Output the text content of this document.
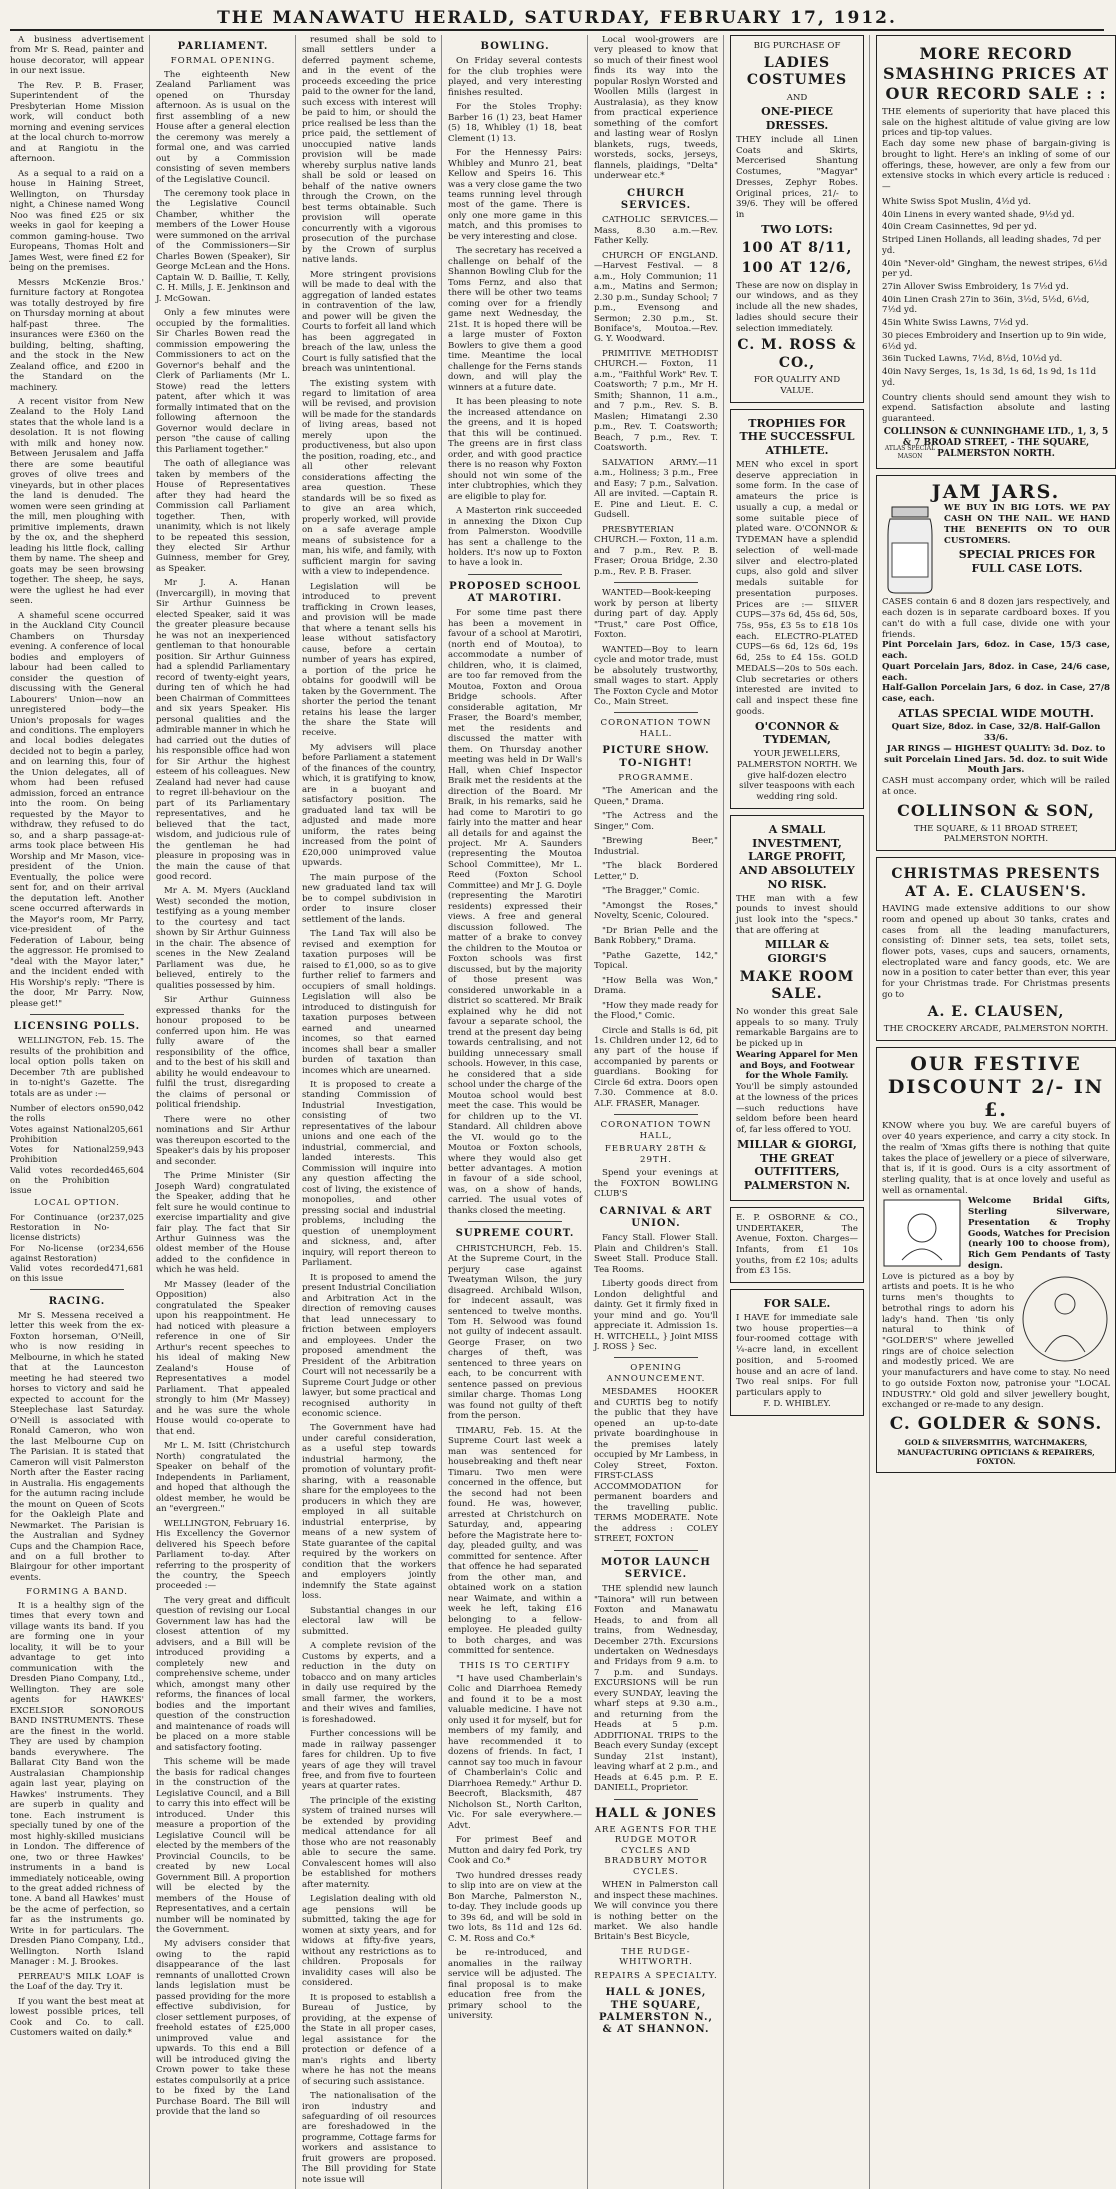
THE MANAWATU HERALD, SATURDAY, FEBRUARY 17, 1912.

A business advertisement from Mr S. Read, painter and house decorator, will appear in our next issue.

The Rev. P. B. Fraser, Superintendent of the Presbyterian Home Mission work, will conduct both morning and evening services at the local church to-morrow and at Rangiotu in the afternoon.

As a sequal to a raid on a house in Haining Street, Wellington, on Thursday night, a Chinese named Wong Noo was fined £25 or six weeks in gaol for keeping a common gaming-house. Two Europeans, Thomas Holt and James West, were fined £2 for being on the premises.

Messrs McKenzie Bros.' furniture factory at Rongotea was totally destroyed by fire on Thursday morning at about half-past three. The insurances were £360 on the building, belting, shafting, and the stock in the New Zealand office, and £200 in the Standard on the machinery.

A recent visitor from New Zealand to the Holy Land states that the whole land is a desolation. It is not flowing with milk and honey now. Between Jerusalem and Jaffa there are some beautiful groves of olive trees and vineyards, but in other places the land is denuded. The women were seen grinding at the mill, men ploughing with primitive implements, drawn by the ox, and the shepherd leading his little flock, calling them by name. The sheep and goats may be seen browsing together. The sheep, he says, were the ugliest he had ever seen.

A shameful scene occurred in the Auckland City Council Chambers on Thursday evening. A conference of local bodies and employers of labour had been called to consider the question of discussing with the General Labourers' Union—now an unregistered body—the Union's proposals for wages and conditions. The employers and local bodies delegates decided not to begin a parley, and on learning this, four of the Union delegates, all of whom had been refused admission, forced an entrance into the room. On being requested by the Mayor to withdraw, they refused to do so, and a sharp passage-at-arms took place between His Worship and Mr Mason, vice-president of the Union. Eventually, the police were sent for, and on their arrival the deputation left. Another scene occurred afterwards in the Mayor's room, Mr Parry, vice-president of the Federation of Labour, being the aggressor. He promised to "deal with the Mayor later," and the incident ended with His Worship's reply: "There is the door, Mr Parry. Now, please get!"

LICENSING POLLS.

WELLINGTON, Feb. 15. The results of the prohibition and local option polls taken on December 7th are published in to-night's Gazette. The totals are as under :—

Number of electors on the rolls	590,042
Votes against National Prohibition	205,661
Votes for National Prohibition	259,943
Valid votes recorded on the Prohibition issue	465,604
LOCAL OPTION.
For Continuance (or Restoration in No-license districts)	237,025
For No-license (or against Restoration)	234,656
Valid votes recorded on this issue	471,681
RACING.

Mr S. Messena received a letter this week from the ex-Foxton horseman, O'Neill, who is now residing in Melbourne, in which he stated that at the Launceston meeting he had steered two horses to victory and said he expected to account for the Steeplechase last Saturday. O'Neill is associated with Ronald Cameron, who won the last Melbourne Cup on The Parisian. It is stated that Cameron will visit Palmerston North after the Easter racing in Australia. His engagements for the autumn racing include the mount on Queen of Scots for the Oakleigh Plate and Newmarket. The Parisian is the Australian and Sydney Cups and the Champion Race, and on a full brother to Blairgour for other important events.

FORMING A BAND.

It is a healthy sign of the times that every town and village wants its band. If you are forming one in your locality, it will be to your advantage to get into communication with the Dresden Piano Company, Ltd., Wellington. They are sole agents for HAWKES' EXCELSIOR SONOROUS BAND INSTRUMENTS. These are the finest in the world. They are used by champion bands everywhere. The Ballarat City Band won the Australasian Championship again last year, playing on Hawkes' instruments. They are superb in quality and tone. Each instrument is specially tuned by one of the most highly-skilled musicians in London. The difference of one, two or three Hawkes' instruments in a band is immediately noticeable, owing to the great added richness of tone. A band all Hawkes' must be the acme of perfection, so far as the instruments go. Write in for particulars. The Dresden Piano Company, Ltd., Wellington. North Island Manager : M. J. Brookes.

PERREAU'S MILK LOAF is the Loaf of the day. Try it.

If you want the best meat at lowest possible prices, tell Cook and Co. to call. Customers waited on daily.*

PARLIAMENT.
FORMAL OPENING.

The eighteenth New Zealand Parliament was opened on Thursday afternoon. As is usual on the first assembling of a new House after a general election the ceremony was merely a formal one, and was carried out by a Commission consisting of seven members of the Legislative Council.

The ceremony took place in the Legislative Council Chamber, whither the members of the Lower House were summoned on the arrival of the Commissioners—Sir Charles Bowen (Speaker), Sir George McLean and the Hons. Captain W. D. Baillie, T. Kelly, C. H. Mills, J. E. Jenkinson and J. McGowan.

Only a few minutes were occupied by the formalities. Sir Charles Bowen read the commission empowering the Commissioners to act on the Governor's behalf and the Clerk of Parliaments (Mr L. Stowe) read the letters patent, after which it was formally intimated that on the following afternoon the Governor would declare in person "the cause of calling this Parliament together."

The oath of allegiance was taken by members of the House of Representatives after they had heard the Commission call Parliament together. Then, with unanimity, which is not likely to be repeated this session, they elected Sir Arthur Guinness, member for Grey, as Speaker.

Mr J. A. Hanan (Invercargill), in moving that Sir Arthur Guinness be elected Speaker, said it was the greater pleasure because he was not an inexperienced gentleman to that honourable position. Sir Arthur Guinness had a splendid Parliamentary record of twenty-eight years, during ten of which he had been Chairman of Committees and six years Speaker. His personal qualities and the admirable manner in which he had carried out the duties of his responsible office had won for Sir Arthur the highest esteem of his colleagues. New Zealand had never had cause to regret ill-behaviour on the part of its Parliamentary representatives, and he believed that the tact, wisdom, and judicious rule of the gentleman he had pleasure in proposing was in the main the cause of that good record.

Mr A. M. Myers (Auckland West) seconded the motion, testifying as a young member to the courtesy and tact shown by Sir Arthur Guinness in the chair. The absence of scenes in the New Zealand Parliament was due, he believed, entirely to the qualities possessed by him.

Sir Arthur Guinness expressed thanks for the honour proposed to be conferred upon him. He was fully aware of the responsibility of the office, and to the best of his skill and ability he would endeavour to fulfil the trust, disregarding the claims of personal or political friendship.

There were no other nominations and Sir Arthur was thereupon escorted to the Speaker's dais by his proposer and seconder.

The Prime Minister (Sir Joseph Ward) congratulated the Speaker, adding that he felt sure he would continue to exercise impartiality and give fair play. The fact that Sir Arthur Guinness was the oldest member of the House added to the confidence in which he was held.

Mr Massey (leader of the Opposition) also congratulated the Speaker upon his reappointment. He had noticed with pleasure a reference in one of Sir Arthur's recent speeches to his ideal of making New Zealand's House of Representatives a model Parliament. That appealed strongly to him (Mr Massey) and he was sure the whole House would co-operate to that end.

Mr L. M. Isitt (Christchurch North) congratulated the Speaker on behalf of the Independents in Parliament, and hoped that although the oldest member, he would be an "evergreen."

WELLINGTON, February 16. His Excellency the Governor delivered his Speech before Parliament to-day. After referring to the prosperity of the country, the Speech proceeded :—

The very great and difficult question of revising our Local Government law has had the closest attention of my advisers, and a Bill will be introduced providing a completely new and comprehensive scheme, under which, amongst many other reforms, the finances of local bodies and the important question of the construction and maintenance of roads will be placed on a more stable and satisfactory footing.

This scheme will be made the basis for radical changes in the construction of the Legislative Council, and a Bill to carry this into effect will be introduced. Under this measure a proportion of the Legislative Council will be elected by the members of the Provincial Councils, to be created by new Local Government Bill. A proportion will be elected by the members of the House of Representatives, and a certain number will be nominated by the Government.

My advisers consider that owing to the rapid disappearance of the last remnants of unallotted Crown lands legislation must be passed providing for the more effective subdivision, for closer settlement purposes, of freehold estates of £25,000 unimproved value and upwards. To this end a Bill will be introduced giving the Crown power to take these estates compulsorily at a price to be fixed by the Land Purchase Board. The Bill will provide that the land so

resumed shall be sold to small settlers under a deferred payment scheme, and in the event of the proceeds exceeding the price paid to the owner for the land, such excess with interest will be paid to him, or should the price realised be less than the price paid, the settlement of unoccupied native lands provision will be made whereby surplus native lands shall be sold or leased on behalf of the native owners through the Crown, on the best terms obtainable. Such provision will operate concurrently with a vigorous prosecution of the purchase by the Crown of surplus native lands.

More stringent provisions will be made to deal with the aggregation of landed estates in contravention of the law, and power will be given the Courts to forfeit all land which has been aggregated in breach of the law, unless the Court is fully satisfied that the breach was unintentional.

The existing system with regard to limitation of area will be revised, and provision will be made for the standards of living areas, based not merely upon the productiveness, but also upon the position, roading, etc., and all other relevant considerations affecting the area question. These standards will be so fixed as to give an area which, properly worked, will provide on a safe average ample means of subsistence for a man, his wife, and family, with sufficient margin for saving with a view to independence.

Legislation will be introduced to prevent trafficking in Crown leases, and provision will be made that where a tenant sells his lease without satisfactory cause, before a certain number of years has expired, a portion of the price he obtains for goodwill will be taken by the Government. The shorter the period the tenant retains his lease the larger the share the State will receive.

My advisers will place before Parliament a statement of the finances of the country, which, it is gratifying to know, are in a buoyant and satisfactory position. The graduated land tax will be adjusted and made more uniform, the rates being increased from the point of £20,000 unimproved value upwards.

The main purpose of the new graduated land tax will be to compel subdivision in order to insure closer settlement of the lands.

The Land Tax will also be revised and exemption for taxation purposes will be raised to £1,000, so as to give further relief to farmers and occupiers of small holdings. Legislation will also be introduced to distinguish for taxation purposes between earned and unearned incomes, so that earned incomes shall bear a smaller burden of taxation than incomes which are unearned.

It is proposed to create a standing Commission of Industrial Investigation, consisting of two representatives of the labour unions and one each of the industrial, commercial, and landed interests. This Commission will inquire into any question affecting the cost of living, the existence of monopolies, and other pressing social and industrial problems, including the question of unemployment and sickness, and, after inquiry, will report thereon to Parliament.

It is proposed to amend the present Industrial Conciliation and Arbitration Act in the direction of removing causes that lead unnecessary to friction between employers and employees. Under the proposed amendment the President of the Arbitration Court will not necessarily be a Supreme Court Judge or other lawyer, but some practical and recognised authority in economic science.

The Government have had under careful consideration, as a useful step towards industrial harmony, the promotion of voluntary profit-sharing, with a reasonable share for the employees to the producers in which they are employed in all suitable industrial enterprise, by means of a new system of State guarantee of the capital required by the workers on condition that the workers and employers jointly indemnify the State against loss.

Substantial changes in our electoral law will be submitted.

A complete revision of the Customs by experts, and a reduction in the duty on tobacco and on many articles in daily use required by the small farmer, the workers, and their wives and families, is foreshadowed.

Further concessions will be made in railway passenger fares for children. Up to five years of age they will travel free, and from five to fourteen years at quarter rates.

The principle of the existing system of trained nurses will be extended by providing medical attendance for all those who are not reasonably able to secure the same. Convalescent homes will also be established for mothers after maternity.

Legislation dealing with old age pensions will be submitted, taking the age for women at sixty years, and for widows at fifty-five years, without any restrictions as to children. Proposals for invalidity cases will also be considered.

It is proposed to establish a Bureau of Justice, by providing, at the expense of the State in all proper cases, legal assistance for the protection or defence of a man's rights and liberty where he has not the means of securing such assistance.

The nationalisation of the iron industry and safeguarding of oil resources are foreshadowed in the programme, Cottage farms for workers and assistance to fruit growers are proposed. The Bill providing for State note issue will

BOWLING.

On Friday several contests for the club trophies were played, and very interesting finishes resulted.

For the Stoles Trophy: Barber 16 (1) 23, beat Hamer (5) 18, Whibley (1) 18, beat Clement (1) 13.

For the Hennessy Pairs: Whibley and Munro 21, beat Kellow and Speirs 16. This was a very close game the two teams running level through most of the game. There is only one more game in this match, and this promises to be very interesting and close.

The secretary has received a challenge on behalf of the Shannon Bowling Club for the Toms Fernz, and also that there will be other two teams coming over for a friendly game next Wednesday, the 21st. It is hoped there will be a large muster of Foxton Bowlers to give them a good time. Meantime the local challenge for the Ferns stands down, and will play the winners at a future date.

It has been pleasing to note the increased attendance on the greens, and it is hoped that this will be continued. The greens are in first class order, and with good practice there is no reason why Foxton should not win some of the inter clubtrophies, which they are eligible to play for.

A Masterton rink succeeded in annexing the Dixon Cup from Palmerston. Woodville has sent a challenge to the holders. It's now up to Foxton to have a look in.

PROPOSED SCHOOL AT MAROTIRI.

For some time past there has been a movement in favour of a school at Marotiri, (north end of Moutoa), to accommodate a number of children, who, it is claimed, are too far removed from the Moutoa, Foxton and Oroua Bridge schools. After considerable agitation, Mr Fraser, the Board's member, met the residents and discussed the matter with them. On Thursday another meeting was held in Dr Wall's Hall, when Chief Inspector Braik met the residents at the direction of the Board. Mr Braik, in his remarks, said he had come to Marotiri to go fairly into the matter and hear all details for and against the project. Mr A. Saunders (representing the Moutoa School Committee), Mr L. Reed (Foxton School Committee) and Mr J. G. Doyle (representing the Marotiri residents) expressed their views. A free and general discussion followed. The matter of a brake to convey the children to the Moutoa or Foxton schools was first discussed, but by the majority of those present was considered unworkable in a district so scattered. Mr Braik explained why he did not favour a separate school, the trend at the present day being towards centralising, and not building unnecessary small schools. However, in this case, he considered that a side school under the charge of the Moutoa school would best meet the case. This would be for children up to the VI. Standard. All children above the VI. would go to the Moutoa or Foxton schools, where they would also get better advantages. A motion in favour of a side school, was, on a show of hands, carried. The usual votes of thanks closed the meeting.

SUPREME COURT.

CHRISTCHURCH, Feb. 15. At the Supreme Court, in the perjury case against Tweatyman Wilson, the jury disagreed. Archibald Wilson, for indecent assault, was sentenced to twelve months. Tom H. Selwood was found not guilty of indecent assault. George Fraser, on two charges of theft, was sentenced to three years on each, to be concurrent with sentence passed on previous similar charge. Thomas Long was found not guilty of theft from the person.

TIMARU, Feb. 15. At the Supreme Court last week a man was sentenced for housebreaking and theft near Timaru. Two men were concerned in the offence, but the second had not been found. He was, however, arrested at Christchurch on Saturday, and, appearing before the Magistrate here to-day, pleaded guilty, and was committed for sentence. After that offence he had separated from the other man, and obtained work on a station near Waimate, and within a week he left, taking £16 belonging to a fellow-employee. He pleaded guilty to both charges, and was committed for sentence.

THIS IS TO CERTIFY

"I have used Chamberlain's Colic and Diarrhoea Remedy and found it to be a most valuable medicine. I have not only used it for myself, but for members of my family, and have recommended it to dozens of friends. In fact, I cannot say too much in favour of Chamberlain's Colic and Diarrhoea Remedy." Arthur D. Beecroft, Blacksmith, 487 Nicholson St., North Carlton, Vic. For sale everywhere.—Advt.

For primest Beef and Mutton and dairy fed Pork, try Cook and Co.*

Two hundred dresses ready to slip into are on view at the Bon Marche, Palmerston N., to-day. They include goods up to 39s 6d, and will be sold in two lots, 8s 11d and 12s 6d. C. M. Ross and Co.*

be re-introduced, and anomalies in the railway service will be adjusted. The final proposal is to make education free from the primary school to the university.

Local wool-growers are very pleased to know that so much of their finest wool finds its way into the popular Roslyn Worsted and Woollen Mills (largest in Australasia), as they know from practical experience something of the comfort and lasting wear of Roslyn blankets, rugs, tweeds, worsteds, socks, jerseys, flannels, plaidings, "Delta" underwear etc.*

CHURCH SERVICES.

CATHOLIC SERVICES.—Mass, 8.30 a.m.—Rev. Father Kelly.

CHURCH OF ENGLAND.—Harvest Festival. — 8 a.m., Holy Communion; 11 a.m., Matins and Sermon; 2.30 p.m., Sunday School; 7 p.m., Evensong and Sermon; 2.30 p.m., St. Boniface's, Moutoa.—Rev. G. Y. Woodward.

PRIMITIVE METHODIST CHURCH.— Foxton, 11 a.m., "Faithful Work" Rev. T. Coatsworth; 7 p.m., Mr H. Smith; Shannon, 11 a.m., and 7 p.m., Rev. S. B. Maslen; Himatangi 2.30 p.m., Rev. T. Coatsworth; Beach, 7 p.m., Rev. T. Coatsworth.

SALVATION ARMY.—11 a.m., Holiness; 3 p.m., Free and Easy; 7 p.m., Salvation. All are invited. —Captain R. E. Pine and Lieut. E. C. Gudsell.

PRESBYTERIAN CHURCH.— Foxton, 11 a.m. and 7 p.m., Rev. P. B. Fraser; Oroua Bridge, 2.30 p.m., Rev. P. B. Fraser.

WANTED—Book-keeping work by person at liberty during part of day. Apply "Trust," care Post Office, Foxton.

WANTED—Boy to learn cycle and motor trade, must be absolutely trustworthy, small wages to start. Apply The Foxton Cycle and Motor Co., Main Street.

CORONATION TOWN HALL.
PICTURE SHOW. TO-NIGHT!
PROGRAMME.

"The American and the Queen," Drama.

"The Actress and the Singer," Com.

"Brewing Beer," Industrial.

"The black Bordered Letter," D.

"The Bragger," Comic.

"Amongst the Roses," Novelty, Scenic, Coloured.

"Dr Brian Pelle and the Bank Robbery," Drama.

"Pathe Gazette, 142," Topical.

"How Bella was Won," Drama.

"How they made ready for the Flood," Comic.

Circle and Stalls is 6d, pit 1s. Children under 12, 6d to any part of the house if accompanied by parents or guardians. Booking for Circle 6d extra. Doors open 7.30. Commence at 8.0. ALF. FRASER, Manager.

CORONATION TOWN HALL,
FEBRUARY 28TH & 29TH.

Spend your evenings at the FOXTON BOWLING CLUB'S

CARNIVAL & ART UNION.

Fancy Stall. Flower Stall. Plain and Children's Stall. Sweet Stall. Produce Stall. Tea Rooms.

Liberty goods direct from London delightful and dainty. Get it firmly fixed in your mind and go. You'll appreciate it. Admission 1s. H. WITCHELL, } Joint MISS J. ROSS } Sec.

OPENING ANNOUNCEMENT.

MESDAMES HOOKER and CURTIS beg to notify the public that they have opened an up-to-date private boardinghouse in the premises lately occupied by Mr Lambess, in Coley Street, Foxton. FIRST-CLASS ACCOMMODATION for permanent boarders and the travelling public. TERMS MODERATE. Note the address : COLEY STREET, FOXTON

MOTOR LAUNCH SERVICE.

THE splendid new launch "Tainora" will run between Foxton and Manawatu Heads, to and from all trains, from Wednesday, December 27th. Excursions undertaken on Wednesdays and Fridays from 9 a.m. to 7 p.m. and Sundays. EXCURSIONS will be run every SUNDAY, leaving the wharf steps at 9.30 a.m., and returning from the Heads at 5 p.m. ADDITIONAL TRIPS to the Beach every Sunday (except Sunday 21st instant), leaving wharf at 2 p.m., and Heads at 6.45 p.m. P. E. DANIELL, Proprietor.

HALL & JONES
ARE AGENTS FOR THE RUDGE MOTOR CYCLES AND BRADBURY MOTOR CYCLES.

WHEN in Palmerston call and inspect these machines. We will convince you there is nothing better on the market. We also handle Britain's Best Bicycle,

THE RUDGE-WHITWORTH.
REPAIRS A SPECIALTY.
HALL & JONES, THE SQUARE, PALMERSTON N., & AT SHANNON.
BIG PURCHASE OF
LADIES COSTUMES
AND
ONE-PIECE DRESSES.
THEY include all Linen Coats and Skirts, Mercerised Shantung Costumes, "Magyar" Dresses, Zephyr Robes. Original prices, 21/- to 39/6. They will be offered in
TWO LOTS:
100 AT 8/11,
100 AT 12/6,
These are now on display in our windows, and as they include all the new shades, ladies should secure their selection immediately.
C. M. ROSS & CO.,
FOR QUALITY AND VALUE.
TROPHIES FOR THE SUCCESSFUL ATHLETE.
MEN who excel in sport deserve appreciation in some form. In the case of amateurs the price is usually a cup, a medal or some suitable piece of plated ware. O'CONNOR & TYDEMAN have a splendid selection of well-made silver and electro-plated cups, also gold and silver medals suitable for presentation purposes. Prices are :— SILVER CUPS—37s 6d, 45s 6d, 50s, 75s, 95s, £3 5s to £18 10s each. ELECTRO-PLATED CUPS—6s 6d, 12s 6d, 19s 6d, 25s to £4 15s. GOLD MEDALS—20s to 50s each. Club secretaries or others interested are invited to call and inspect these fine goods.
O'CONNOR & TYDEMAN,
YOUR JEWELLERS, PALMERSTON NORTH. We give half-dozen electro silver teaspoons with each wedding ring sold.
A SMALL INVESTMENT, LARGE PROFIT, AND ABSOLUTELY NO RISK.
THE man with a few pounds to invest should just look into the "specs." that are offering at
MILLAR & GIORGI'S
MAKE ROOM SALE.
No wonder this great Sale appeals to so many. Truly remarkable Bargains are to be picked up in
Wearing Apparel for Men and Boys, and Footwear for the Whole Family.
You'll be simply astounded at the lowness of the prices—such reductions have seldom before been heard of, far less offered to YOU.
MILLAR & GIORGI, THE GREAT OUTFITTERS, PALMERSTON N.
E. P. OSBORNE & CO., UNDERTAKER, The Avenue, Foxton. Charges—Infants, from £1 10s youths, from £2 10s; adults from £3 15s.
FOR SALE.
I HAVE for immediate sale two house properties—a four-roomed cottage with ¼-acre land, in excellent position, and 5-roomed house and an acre of land. Two real snips. For full particulars apply to
F. D. WHIBLEY.
MORE RECORD SMASHING PRICES AT OUR RECORD SALE : :
THE elements of superiority that have placed this sale on the highest altitude of value giving are low prices and tip-top values.
Each day some new phase of bargain-giving is brought to light. Here's an inkling of some of our offerings, these, however, are only a few from our extensive stocks in which every article is reduced :—
White Swiss Spot Muslin, 4½d yd.
40in Linens in every wanted shade, 9½d yd.
40in Cream Casinnettes, 9d per yd.
Striped Linen Hollands, all leading shades, 7d per yd.
40in "Never-old" Gingham, the newest stripes, 6½d per yd.
27in Allover Swiss Embroidery, 1s 7½d yd.
40in Linen Crash 27in to 36in, 3½d, 5½d, 6½d, 7½d yd.
45in White Swiss Lawns, 7½d yd.
30 pieces Embroidery and Insertion up to 9in wide, 6½d yd.
36in Tucked Lawns, 7½d, 8½d, 10½d yd.
40in Navy Serges, 1s, 1s 3d, 1s 6d, 1s 9d, 1s 11d yd.
Country clients should send amount they wish to expend. Satisfaction absolute and lasting guaranteed.
COLLINSON & CUNNINGHAME LTD., 1, 3, 5 & 7 BROAD STREET, - THE SQUARE, PALMERSTON NORTH.
JAM JARS.
ATLAS SPECIAL MASON
WE BUY IN BIG LOTS. WE PAY CASH ON THE NAIL. WE HAND THE BENEFITS ON TO OUR CUSTOMERS.
SPECIAL PRICES FOR FULL CASE LOTS.
CASES contain 6 and 8 dozen jars respectively, and each dozen is in separate cardboard boxes. If you can't do with a full case, divide one with your friends.
Pint Porcelain Jars, 6doz. in Case, 15/3 case, each.
Quart Porcelain Jars, 8doz. in Case, 24/6 case, each.
Half-Gallon Porcelain Jars, 6 doz. in Case, 27/8 case, each.
ATLAS SPECIAL WIDE MOUTH.
Quart Size, 8doz. in Case, 32/8. Half-Gallon 33/6.
JAR RINGS — HIGHEST QUALITY: 3d. Doz. to suit Porcelain Lined Jars. 5d. doz. to suit Wide Mouth Jars.
CASH must accompany order, which will be railed at once.
COLLINSON & SON,
THE SQUARE, & 11 BROAD STREET, PALMERSTON NORTH.
CHRISTMAS PRESENTS AT A. E. CLAUSEN'S.
HAVING made extensive additions to our show room and opened up about 30 tanks, crates and cases from all the leading manufacturers, consisting of: Dinner sets, tea sets, toilet sets, flower pots, vases, cups and saucers, ornaments, electroplated ware and fancy goods, etc. We are now in a position to cater better than ever, this year for your Christmas trade. For Christmas presents go to
A. E. CLAUSEN,
THE CROCKERY ARCADE, PALMERSTON NORTH.
OUR FESTIVE DISCOUNT 2/- IN £.
KNOW where you buy. We are careful buyers of over 40 years experience, and carry a city stock. In the realm of 'Xmas gifts there is nothing that quite takes the place of jewellery or a piece of silverware, that is, if it is good. Ours is a city assortment of sterling quality, that is at once lovely and useful as well as ornamental.
Welcome Bridal Gifts, Sterling Silverware, Presentation & Trophy Goods, Watches for Precision (nearly 100 to choose from), Rich Gem Pendants of Tasty design.
Love is pictured as a boy by artists and poets. It is he who turns men's thoughts to betrothal rings to adorn his lady's hand. Then 'tis only natural to think of "GOLDER'S" where jewelled rings are of choice selection and modestly priced. We are your manufacturers and have come to stay. No need to go outside Foxton now, patronise your "LOCAL INDUSTRY." Old gold and silver jewellery bought, exchanged or re-made to any design.
C. GOLDER & SONS.
GOLD & SILVERSMITHS, WATCHMAKERS, MANUFACTURING OPTICIANS & REPAIRERS, FOXTON.
